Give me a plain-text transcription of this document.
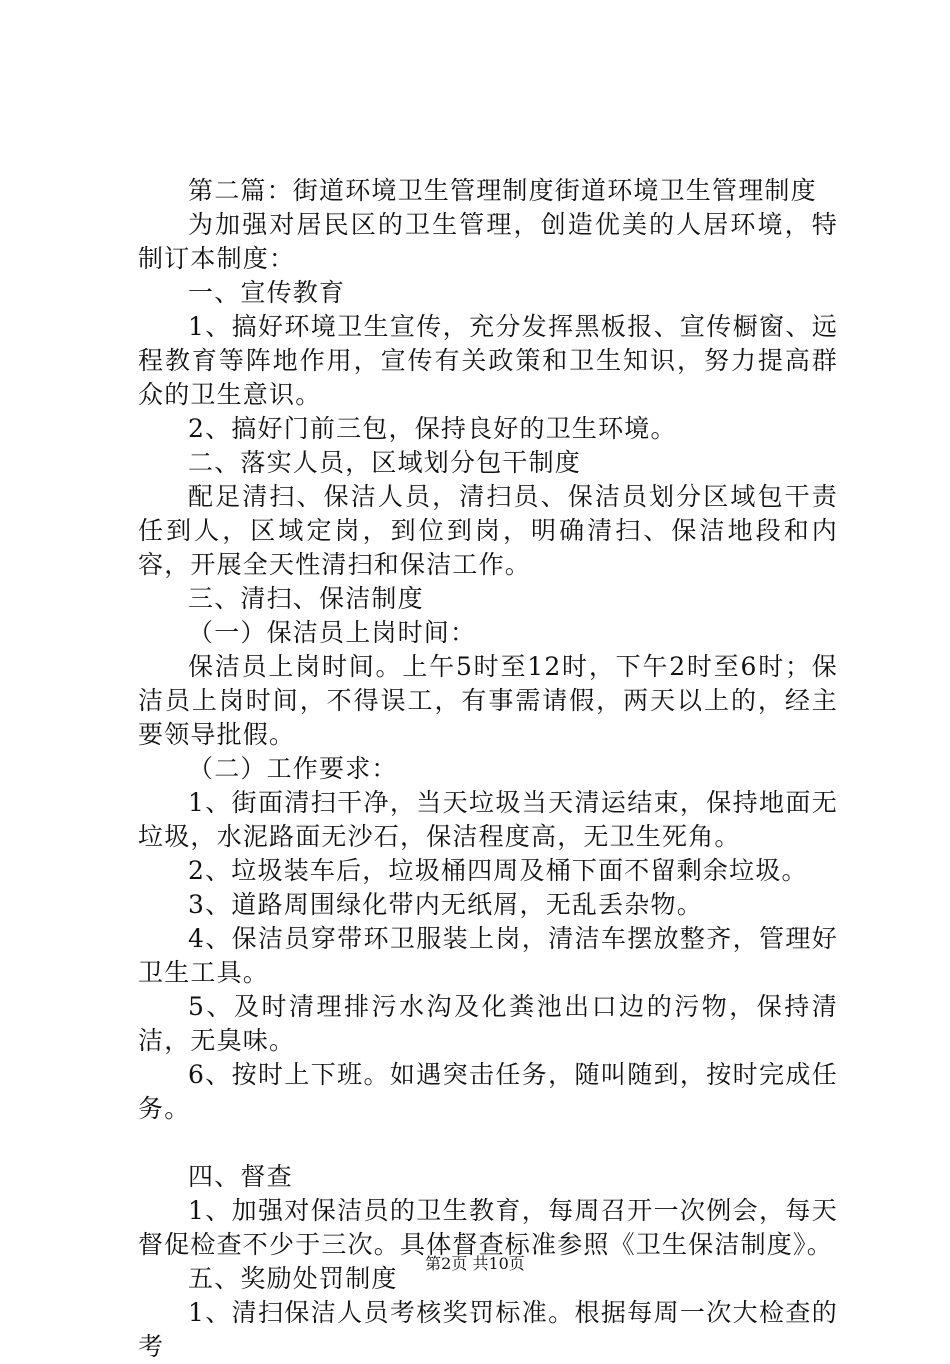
第二篇：街道环境卫生管理制度街道环境卫生管理制度

为加强对居民区的卫生管理，创造优美的人居环境，特制订本制度：

一、宣传教育

1、搞好环境卫生宣传，充分发挥黑板报、宣传橱窗、远程教育等阵地作用，宣传有关政策和卫生知识，努力提高群众的卫生意识。

2、搞好门前三包，保持良好的卫生环境。

二、落实人员，区域划分包干制度

配足清扫、保洁人员，清扫员、保洁员划分区域包干责任到人，区域定岗，到位到岗，明确清扫、保洁地段和内容，开展全天性清扫和保洁工作。

三、清扫、保洁制度

（一）保洁员上岗时间：

保洁员上岗时间。上午5时至12时，下午2时至6时；保洁员上岗时间，不得误工，有事需请假，两天以上的，经主要领导批假。

（二）工作要求：

1、街面清扫干净，当天垃圾当天清运结束，保持地面无垃圾，水泥路面无沙石，保洁程度高，无卫生死角。

2、垃圾装车后，垃圾桶四周及桶下面不留剩余垃圾。

3、道路周围绿化带内无纸屑，无乱丢杂物。

4、保洁员穿带环卫服装上岗，清洁车摆放整齐，管理好卫生工具。

5、及时清理排污水沟及化粪池出口边的污物，保持清洁，无臭味。

6、按时上下班。如遇突击任务，随叫随到，按时完成任务。

四、督查

1、加强对保洁员的卫生教育，每周召开一次例会，每天督促检查不少于三次。具体督查标准参照《卫生保洁制度》。

五、奖励处罚制度

1、清扫保洁人员考核奖罚标准。根据每周一次大检查的考

第2页 共10页
